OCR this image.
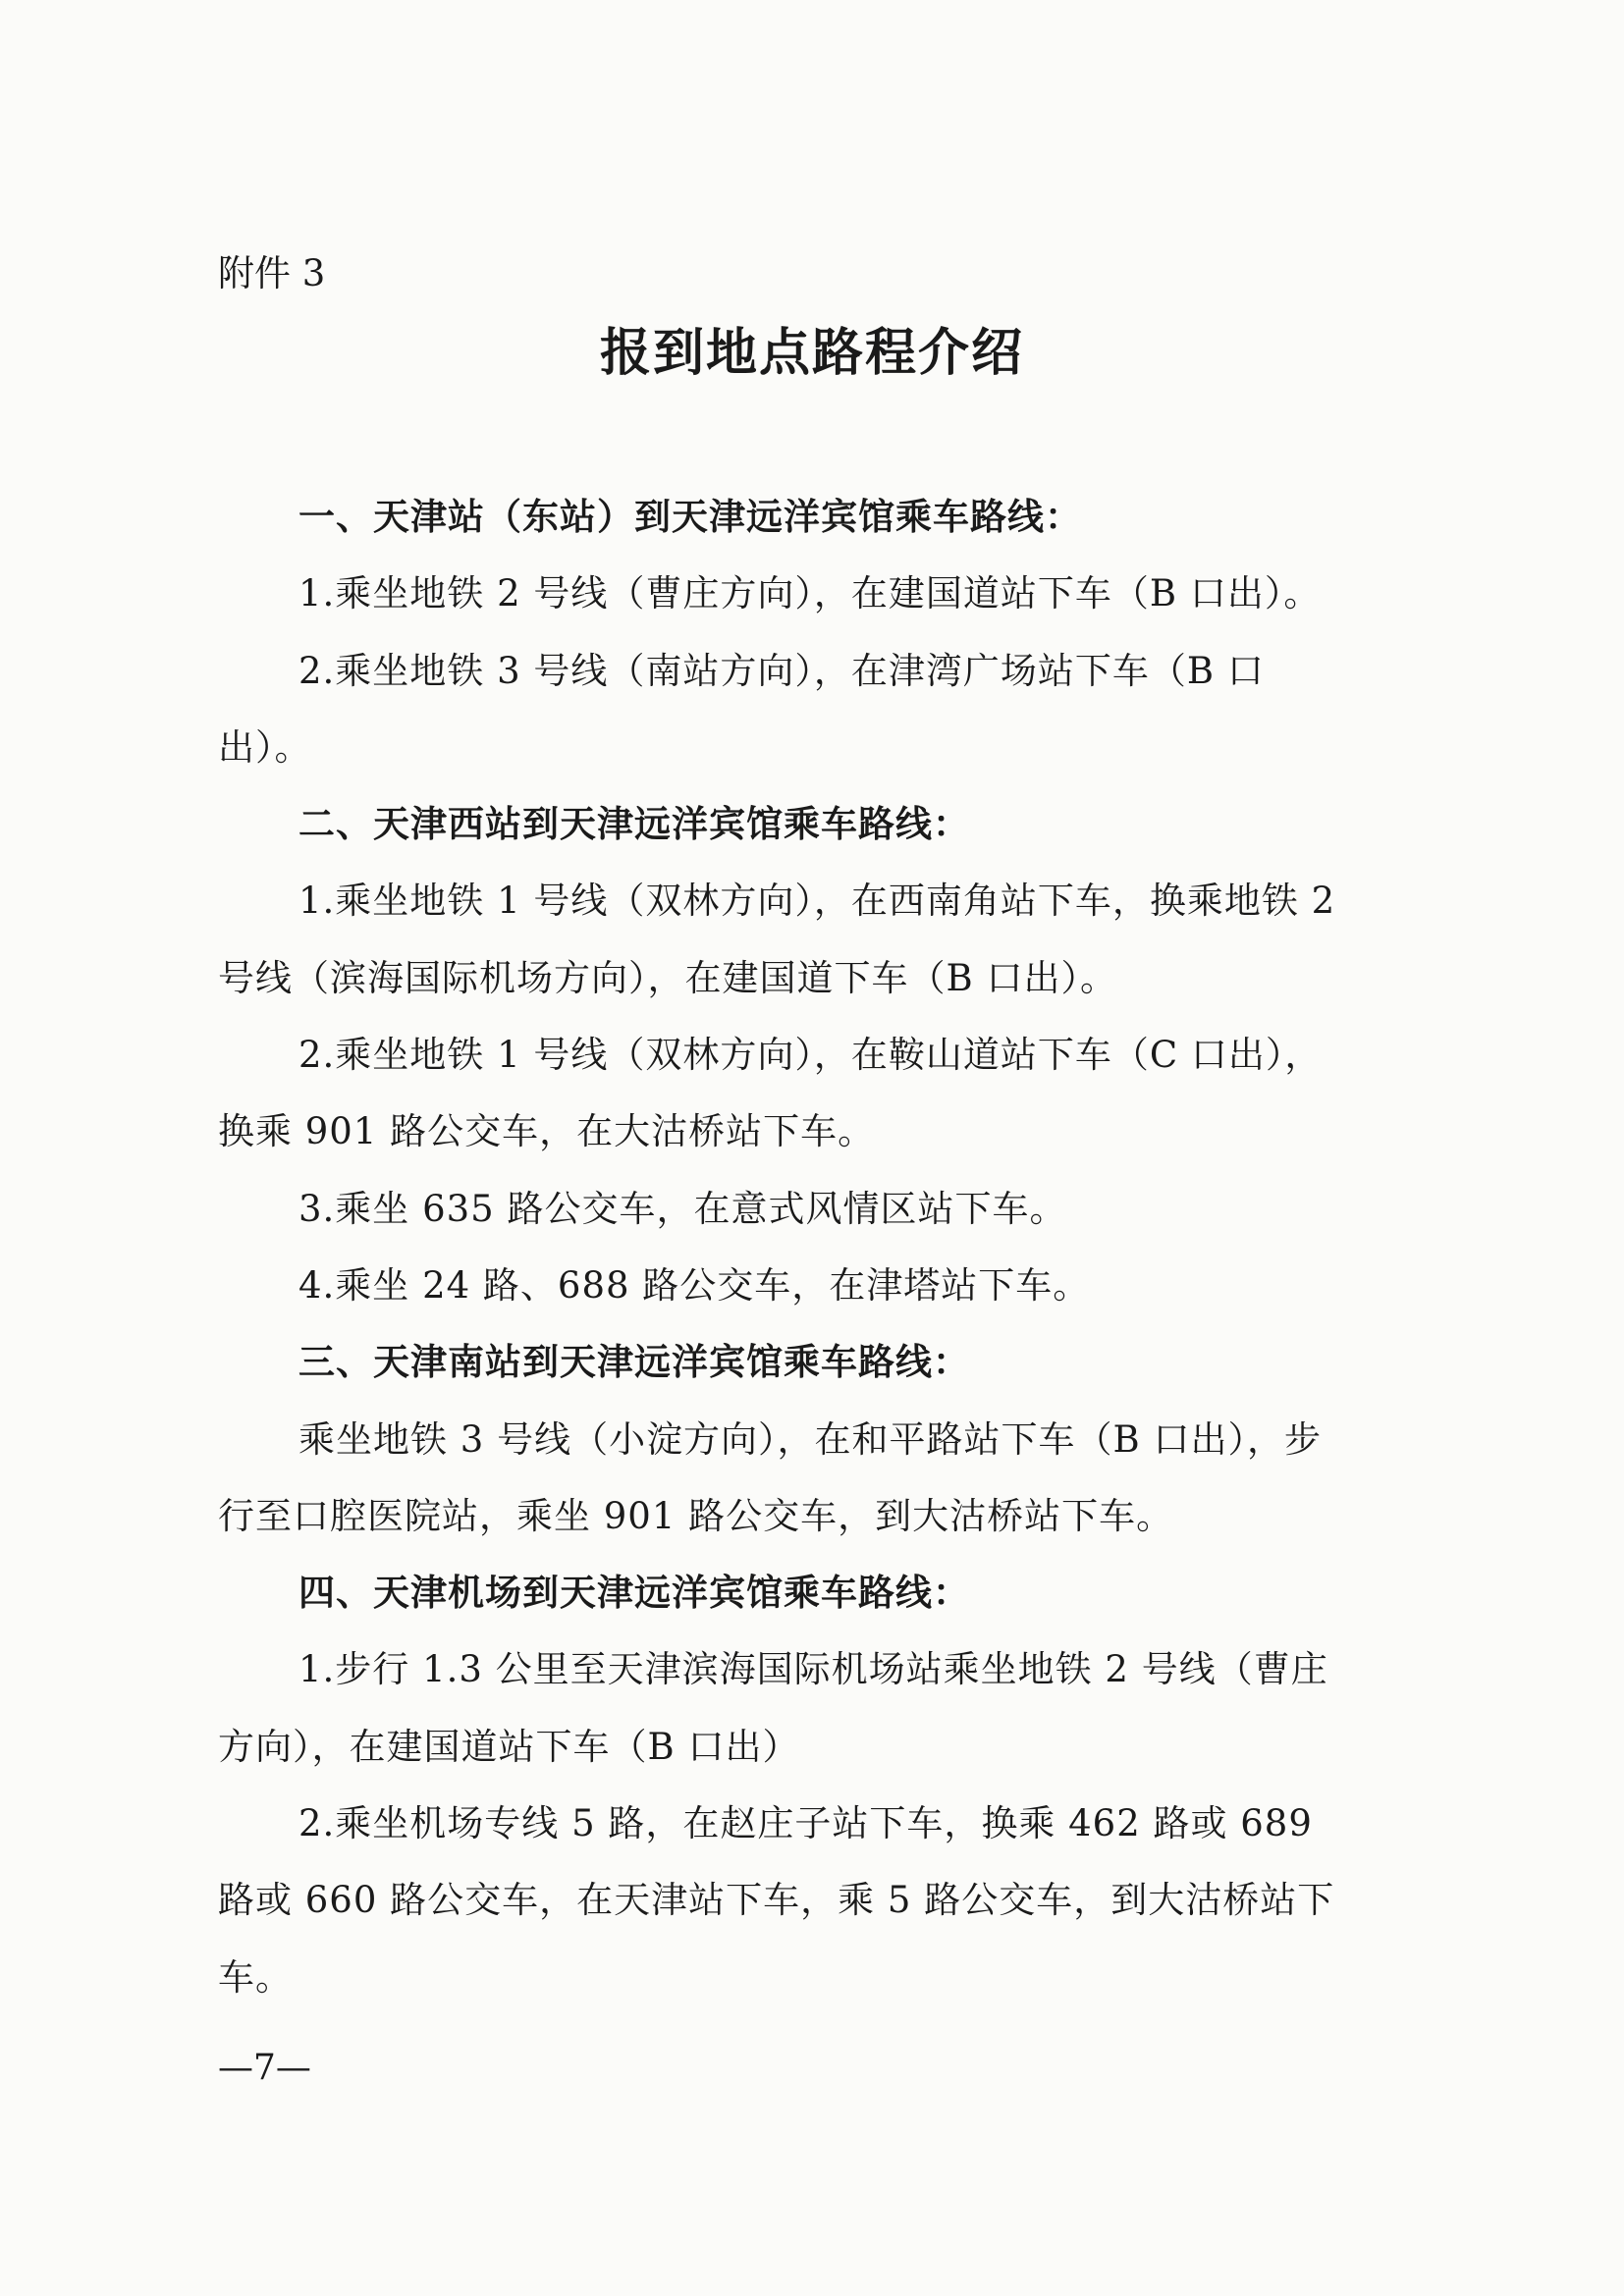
附件 3

报到地点路程介绍

一、天津站（东站）到天津远洋宾馆乘车路线：

1.乘坐地铁 2 号线（曹庄方向），在建国道站下车（B 口出）。

2.乘坐地铁 3 号线（南站方向），在津湾广场站下车（B 口出）。

二、天津西站到天津远洋宾馆乘车路线：

1.乘坐地铁 1 号线（双林方向），在西南角站下车，换乘地铁 2 号线（滨海国际机场方向），在建国道下车（B 口出）。

2.乘坐地铁 1 号线（双林方向），在鞍山道站下车（C 口出），换乘 901 路公交车，在大沽桥站下车。

3.乘坐 635 路公交车，在意式风情区站下车。

4.乘坐 24 路、688 路公交车，在津塔站下车。

三、天津南站到天津远洋宾馆乘车路线：

乘坐地铁 3 号线（小淀方向），在和平路站下车（B 口出），步行至口腔医院站，乘坐 901 路公交车，到大沽桥站下车。

四、天津机场到天津远洋宾馆乘车路线：

1.步行 1.3 公里至天津滨海国际机场站乘坐地铁 2 号线（曹庄方向），在建国道站下车（B 口出）

2.乘坐机场专线 5 路，在赵庄子站下车，换乘 462 路或 689 路或 660 路公交车，在天津站下车，乘 5 路公交车，到大沽桥站下车。

—7—
